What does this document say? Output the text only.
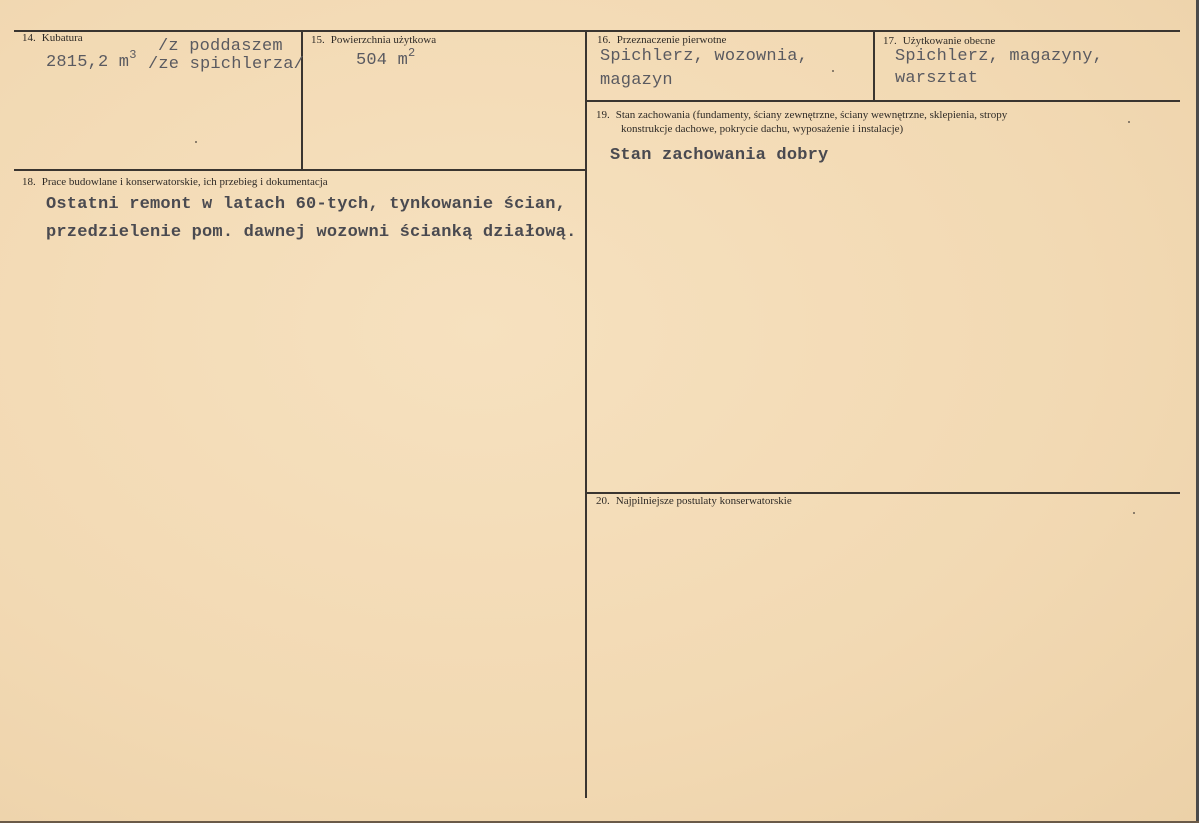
14. Kubatura
2815,2 $m^3$ /z poddaszem
/ze spichlerza/
15. Powierzchnia użytkowa
504 $m^2$
16. Przeznaczenie pierwotne
Spichlerz, wozownia,
magazyn
17. Użytkowanie obecne
Spichlerz, magazyny,
warsztat
18. Prace budowlane i konserwatorskie, ich przebieg i dokumentacja
Ostatni remont w latach 60-tych, tynkowanie ścian,
przedzielenie pom. dawnej wozowni ścianką działową.
19. Stan zachowania (fundamenty, ściany zewnętrzne, ściany wewnętrzne, sklepienia, stropy
konstrukcje dachowe, pokrycie dachu, wyposażenie i instalacje)
Stan zachowania dobry
20. Najpilniejsze postulaty konserwatorskie
